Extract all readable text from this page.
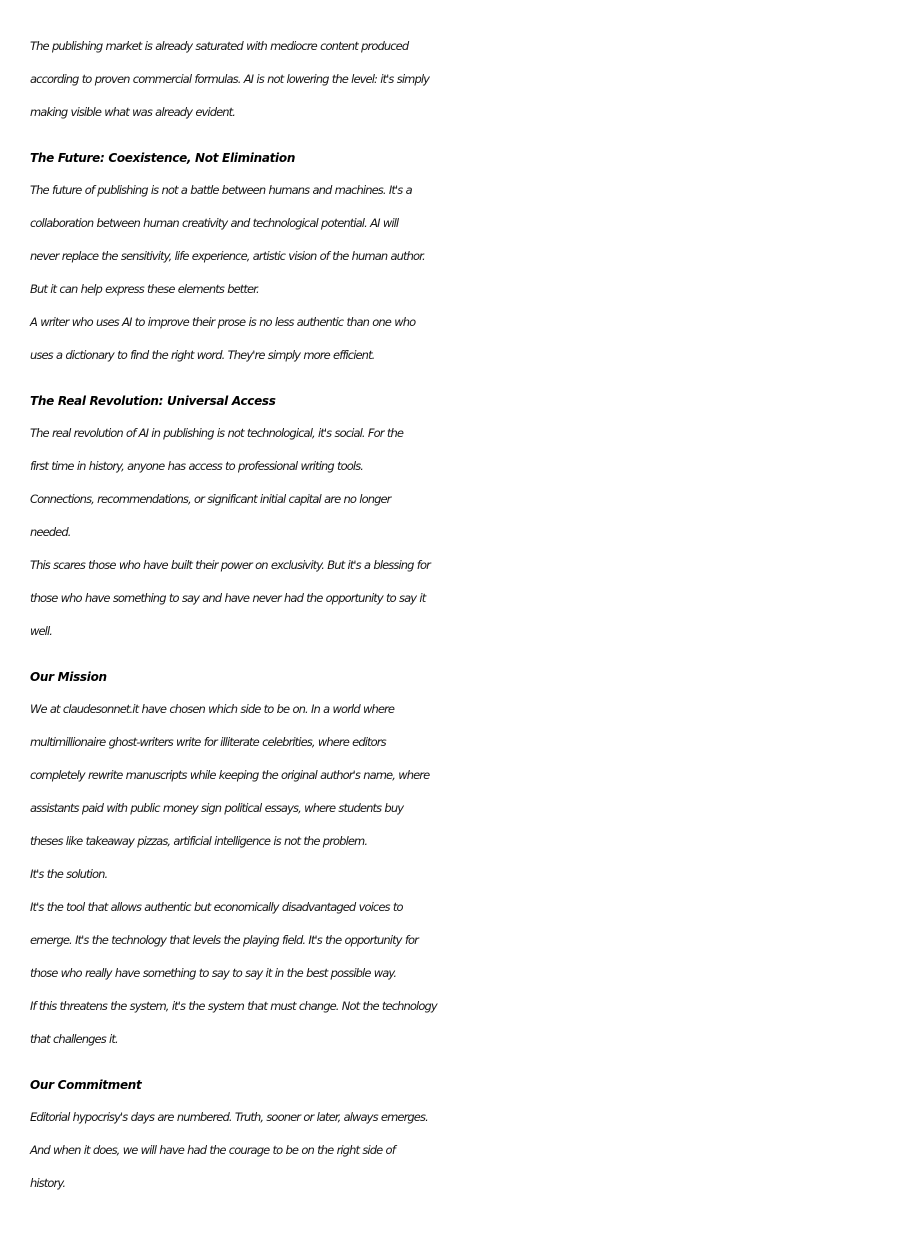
The publishing market is already saturated with mediocre content produced
according to proven commercial formulas. AI is not lowering the level: it's simply
making visible what was already evident.
The Future: Coexistence, Not Elimination
The future of publishing is not a battle between humans and machines. It's a
collaboration between human creativity and technological potential. AI will
never replace the sensitivity, life experience, artistic vision of the human author.
But it can help express these elements better.
A writer who uses AI to improve their prose is no less authentic than one who
uses a dictionary to find the right word. They're simply more efficient.
The Real Revolution: Universal Access
The real revolution of AI in publishing is not technological, it's social. For the
first time in history, anyone has access to professional writing tools.
Connections, recommendations, or significant initial capital are no longer
needed.
This scares those who have built their power on exclusivity. But it's a blessing for
those who have something to say and have never had the opportunity to say it
well.
Our Mission
We at claudesonnet.it have chosen which side to be on. In a world where
multimillionaire ghost-writers write for illiterate celebrities, where editors
completely rewrite manuscripts while keeping the original author's name, where
assistants paid with public money sign political essays, where students buy
theses like takeaway pizzas, artificial intelligence is not the problem.
It's the solution.
It's the tool that allows authentic but economically disadvantaged voices to
emerge. It's the technology that levels the playing field. It's the opportunity for
those who really have something to say to say it in the best possible way.
If this threatens the system, it's the system that must change. Not the technology
that challenges it.
Our Commitment
Editorial hypocrisy's days are numbered. Truth, sooner or later, always emerges.
And when it does, we will have had the courage to be on the right side of
history.
